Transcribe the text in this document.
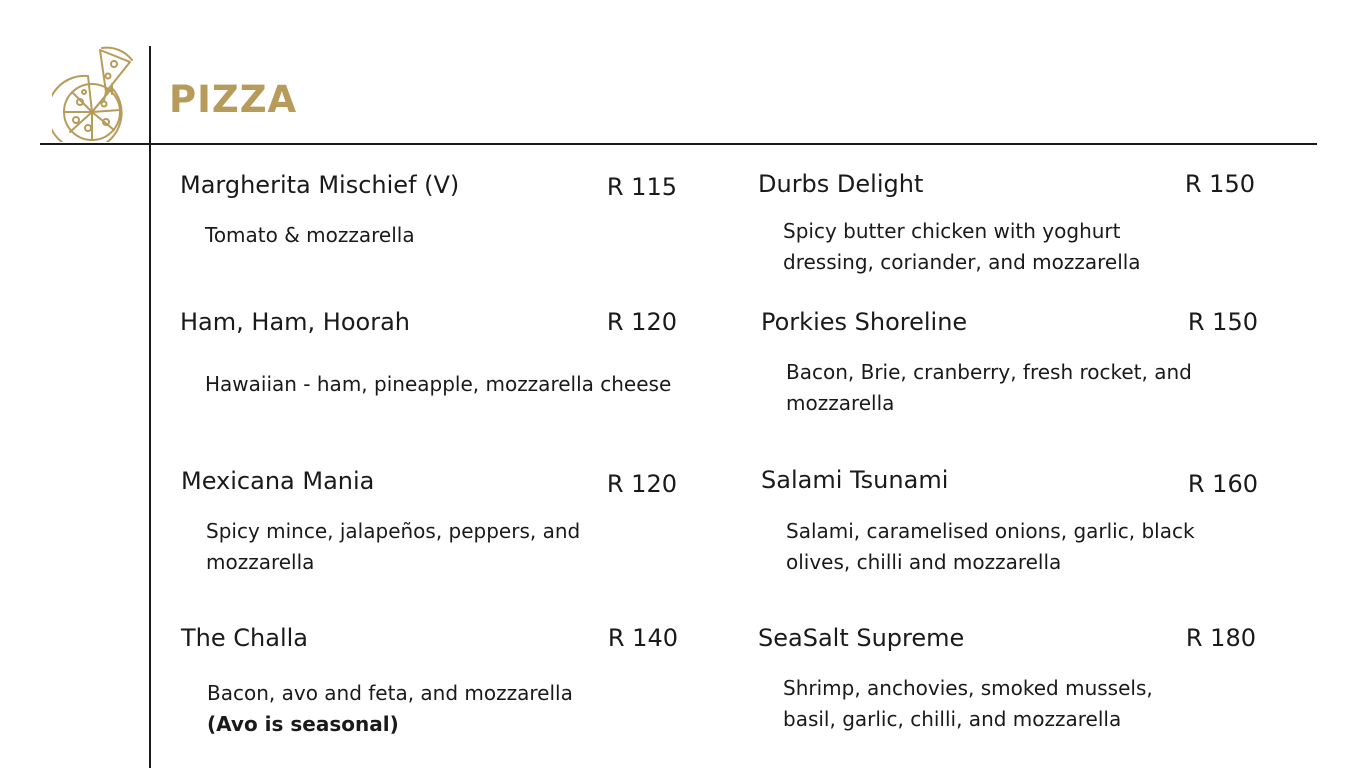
PIZZA
Margherita Mischief (V)	R 115
Tomato & mozzarella
Ham, Ham, Hoorah	R 120
Hawaiian - ham, pineapple, mozzarella cheese
Mexicana Mania	R 120
Spicy mince, jalapeños, peppers, and mozzarella
The Challa	R 140
Bacon, avo and feta, and mozzarella
(Avo is seasonal)
Durbs Delight	R 150
Spicy butter chicken with yoghurt dressing, coriander, and mozzarella
Porkies Shoreline	R 150
Bacon, Brie, cranberry, fresh rocket, and mozzarella
Salami Tsunami	R 160
Salami, caramelised onions, garlic, black olives, chilli and mozzarella
SeaSalt Supreme	R 180
Shrimp, anchovies, smoked mussels, basil, garlic, chilli, and mozzarella
